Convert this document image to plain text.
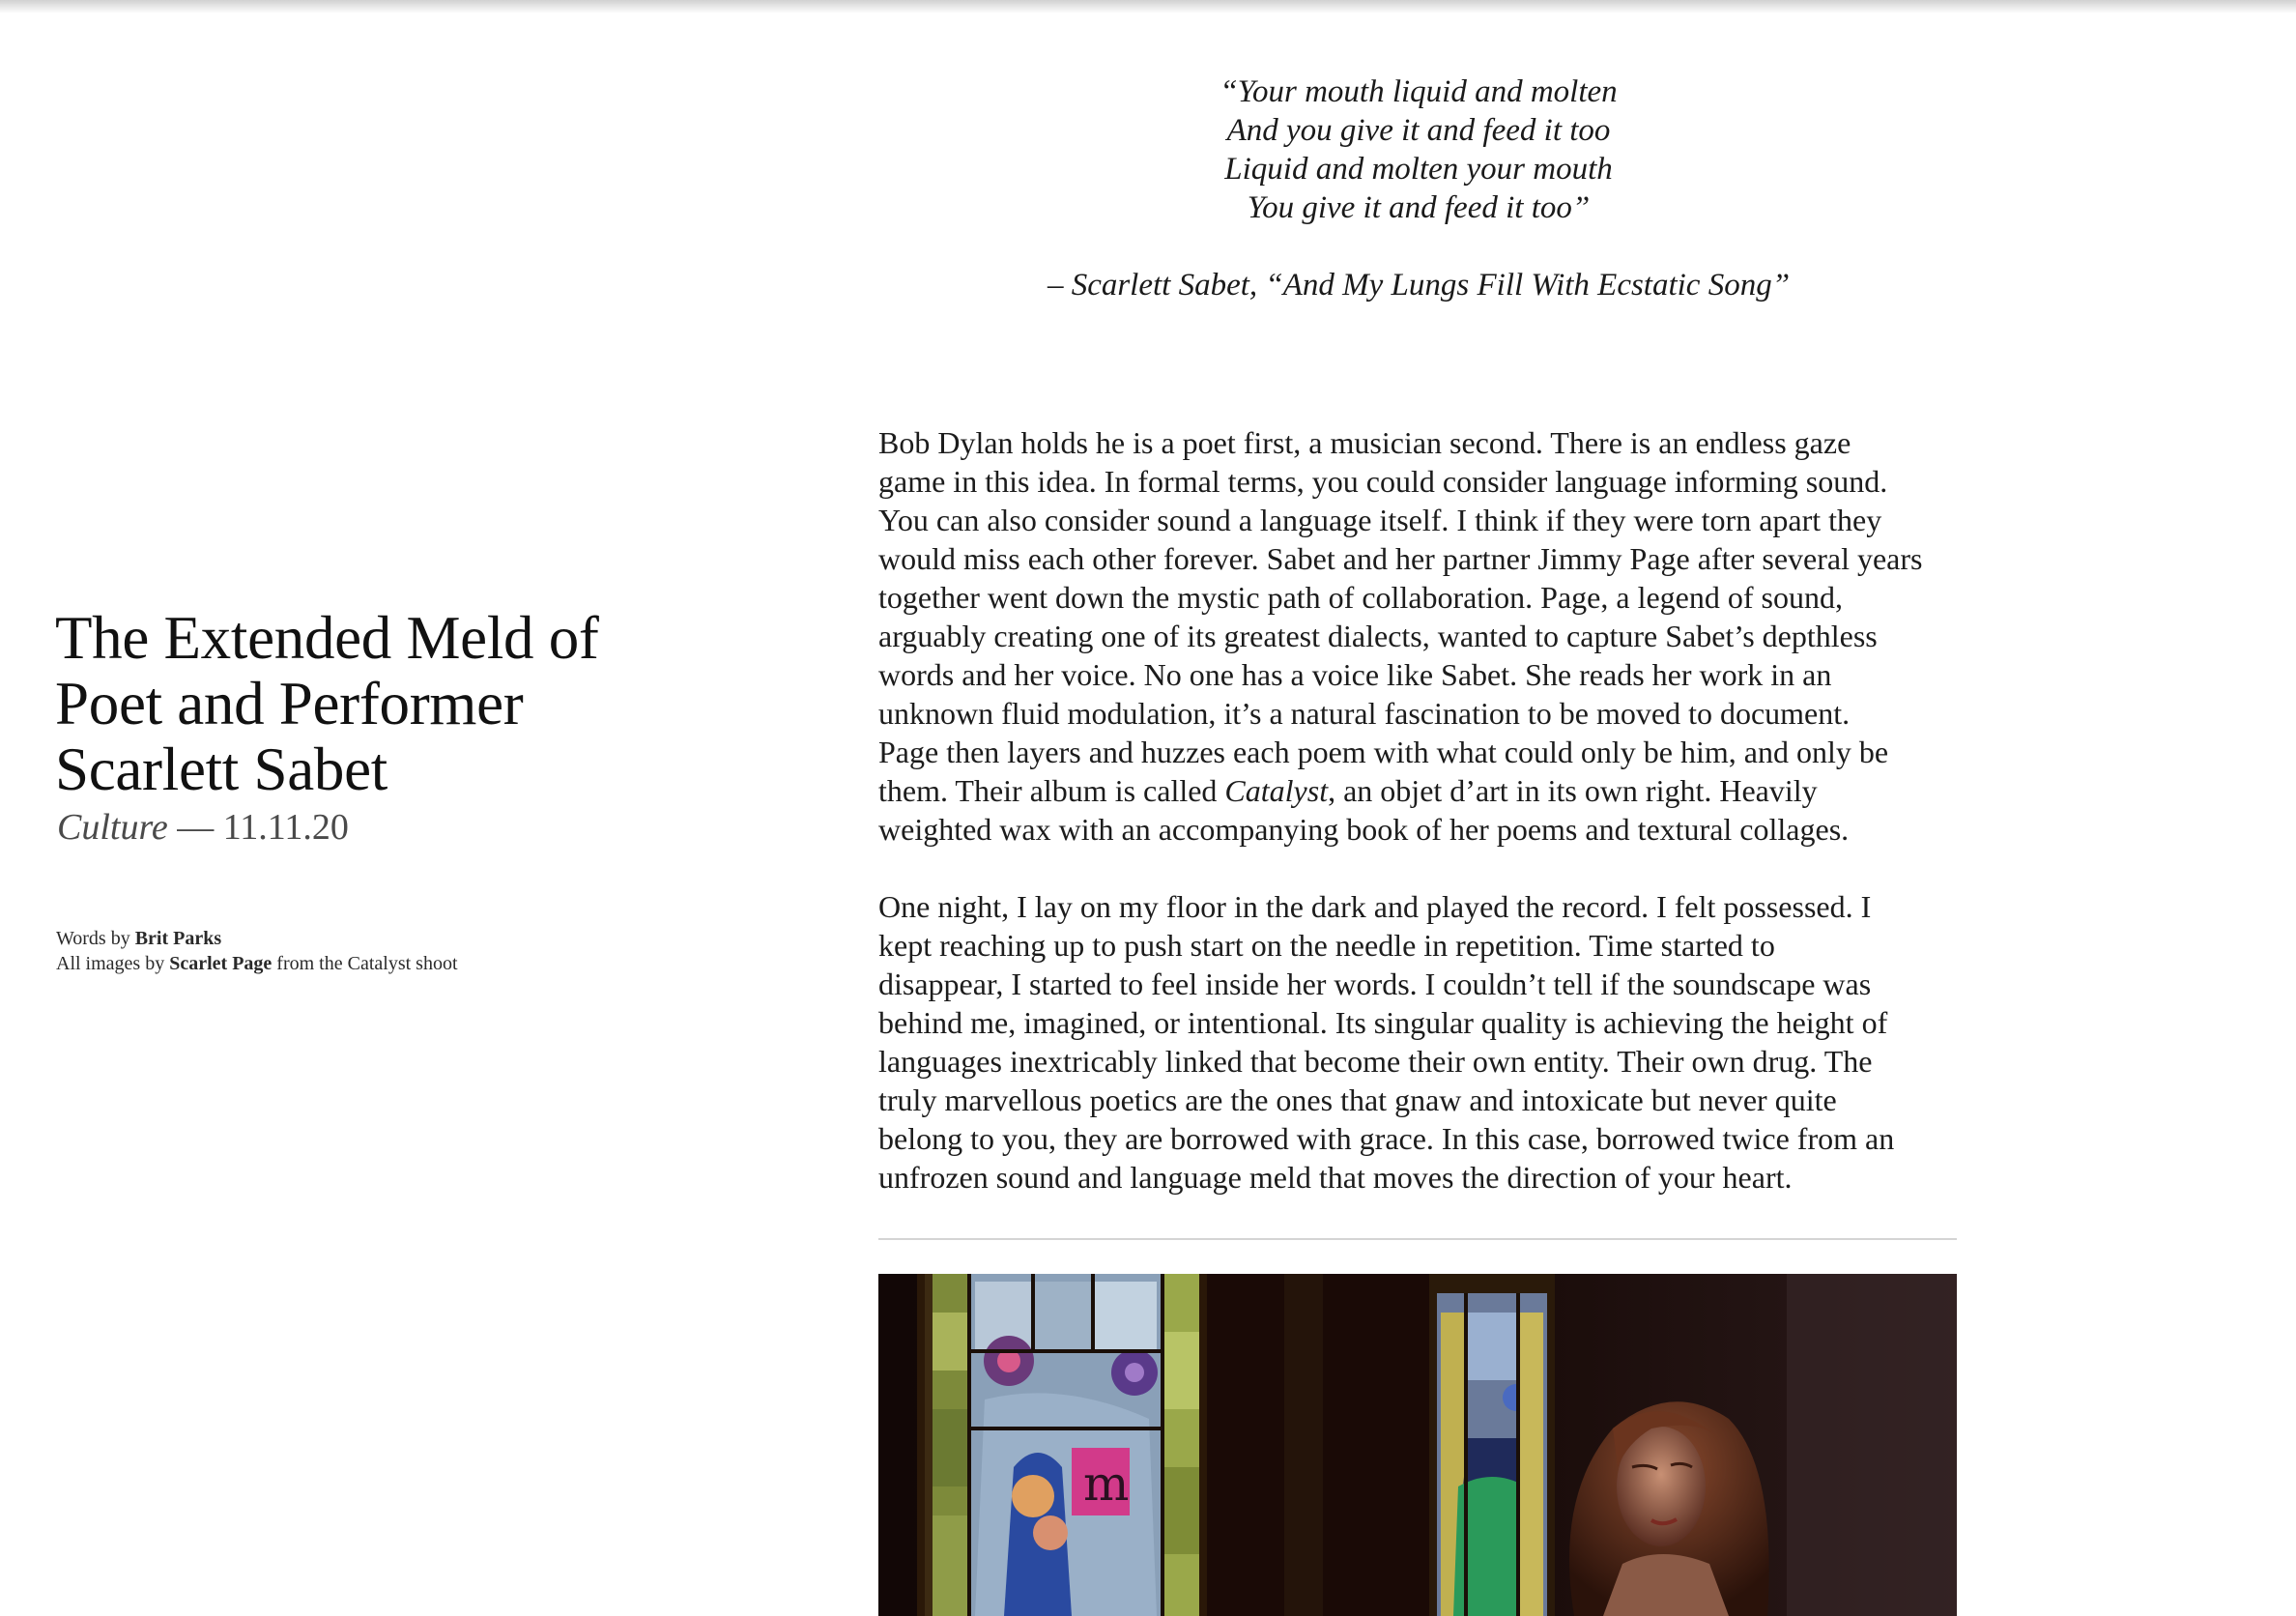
The Extended Meld of
Poet and Performer
Scarlett Sabet
Culture — 11.11.20
Words by Brit Parks
All images by Scarlet Page from the Catalyst shoot
“Your mouth liquid and molten
And you give it and feed it too
Liquid and molten your mouth
You give it and feed it too”
– Scarlett Sabet, “And My Lungs Fill With Ecstatic Song”

Bob Dylan holds he is a poet first, a musician second. There is an endless gaze
game in this idea. In formal terms, you could consider language informing sound.
You can also consider sound a language itself. I think if they were torn apart they
would miss each other forever. Sabet and her partner Jimmy Page after several years
together went down the mystic path of collaboration. Page, a legend of sound,
arguably creating one of its greatest dialects, wanted to capture Sabet’s depthless
words and her voice. No one has a voice like Sabet. She reads her work in an
unknown fluid modulation, it’s a natural fascination to be moved to document.
Page then layers and huzzes each poem with what could only be him, and only be
them. Their album is called Catalyst, an objet d’art in its own right. Heavily
weighted wax with an accompanying book of her poems and textural collages.

One night, I lay on my floor in the dark and played the record. I felt possessed. I
kept reaching up to push start on the needle in repetition. Time started to
disappear, I started to feel inside her words. I couldn’t tell if the soundscape was
behind me, imagined, or intentional. Its singular quality is achieving the height of
languages inextricably linked that become their own entity. Their own drug. The
truly marvellous poetics are the ones that gnaw and intoxicate but never quite
belong to you, they are borrowed with grace. In this case, borrowed twice from an
unfrozen sound and language meld that moves the direction of your heart.

m
